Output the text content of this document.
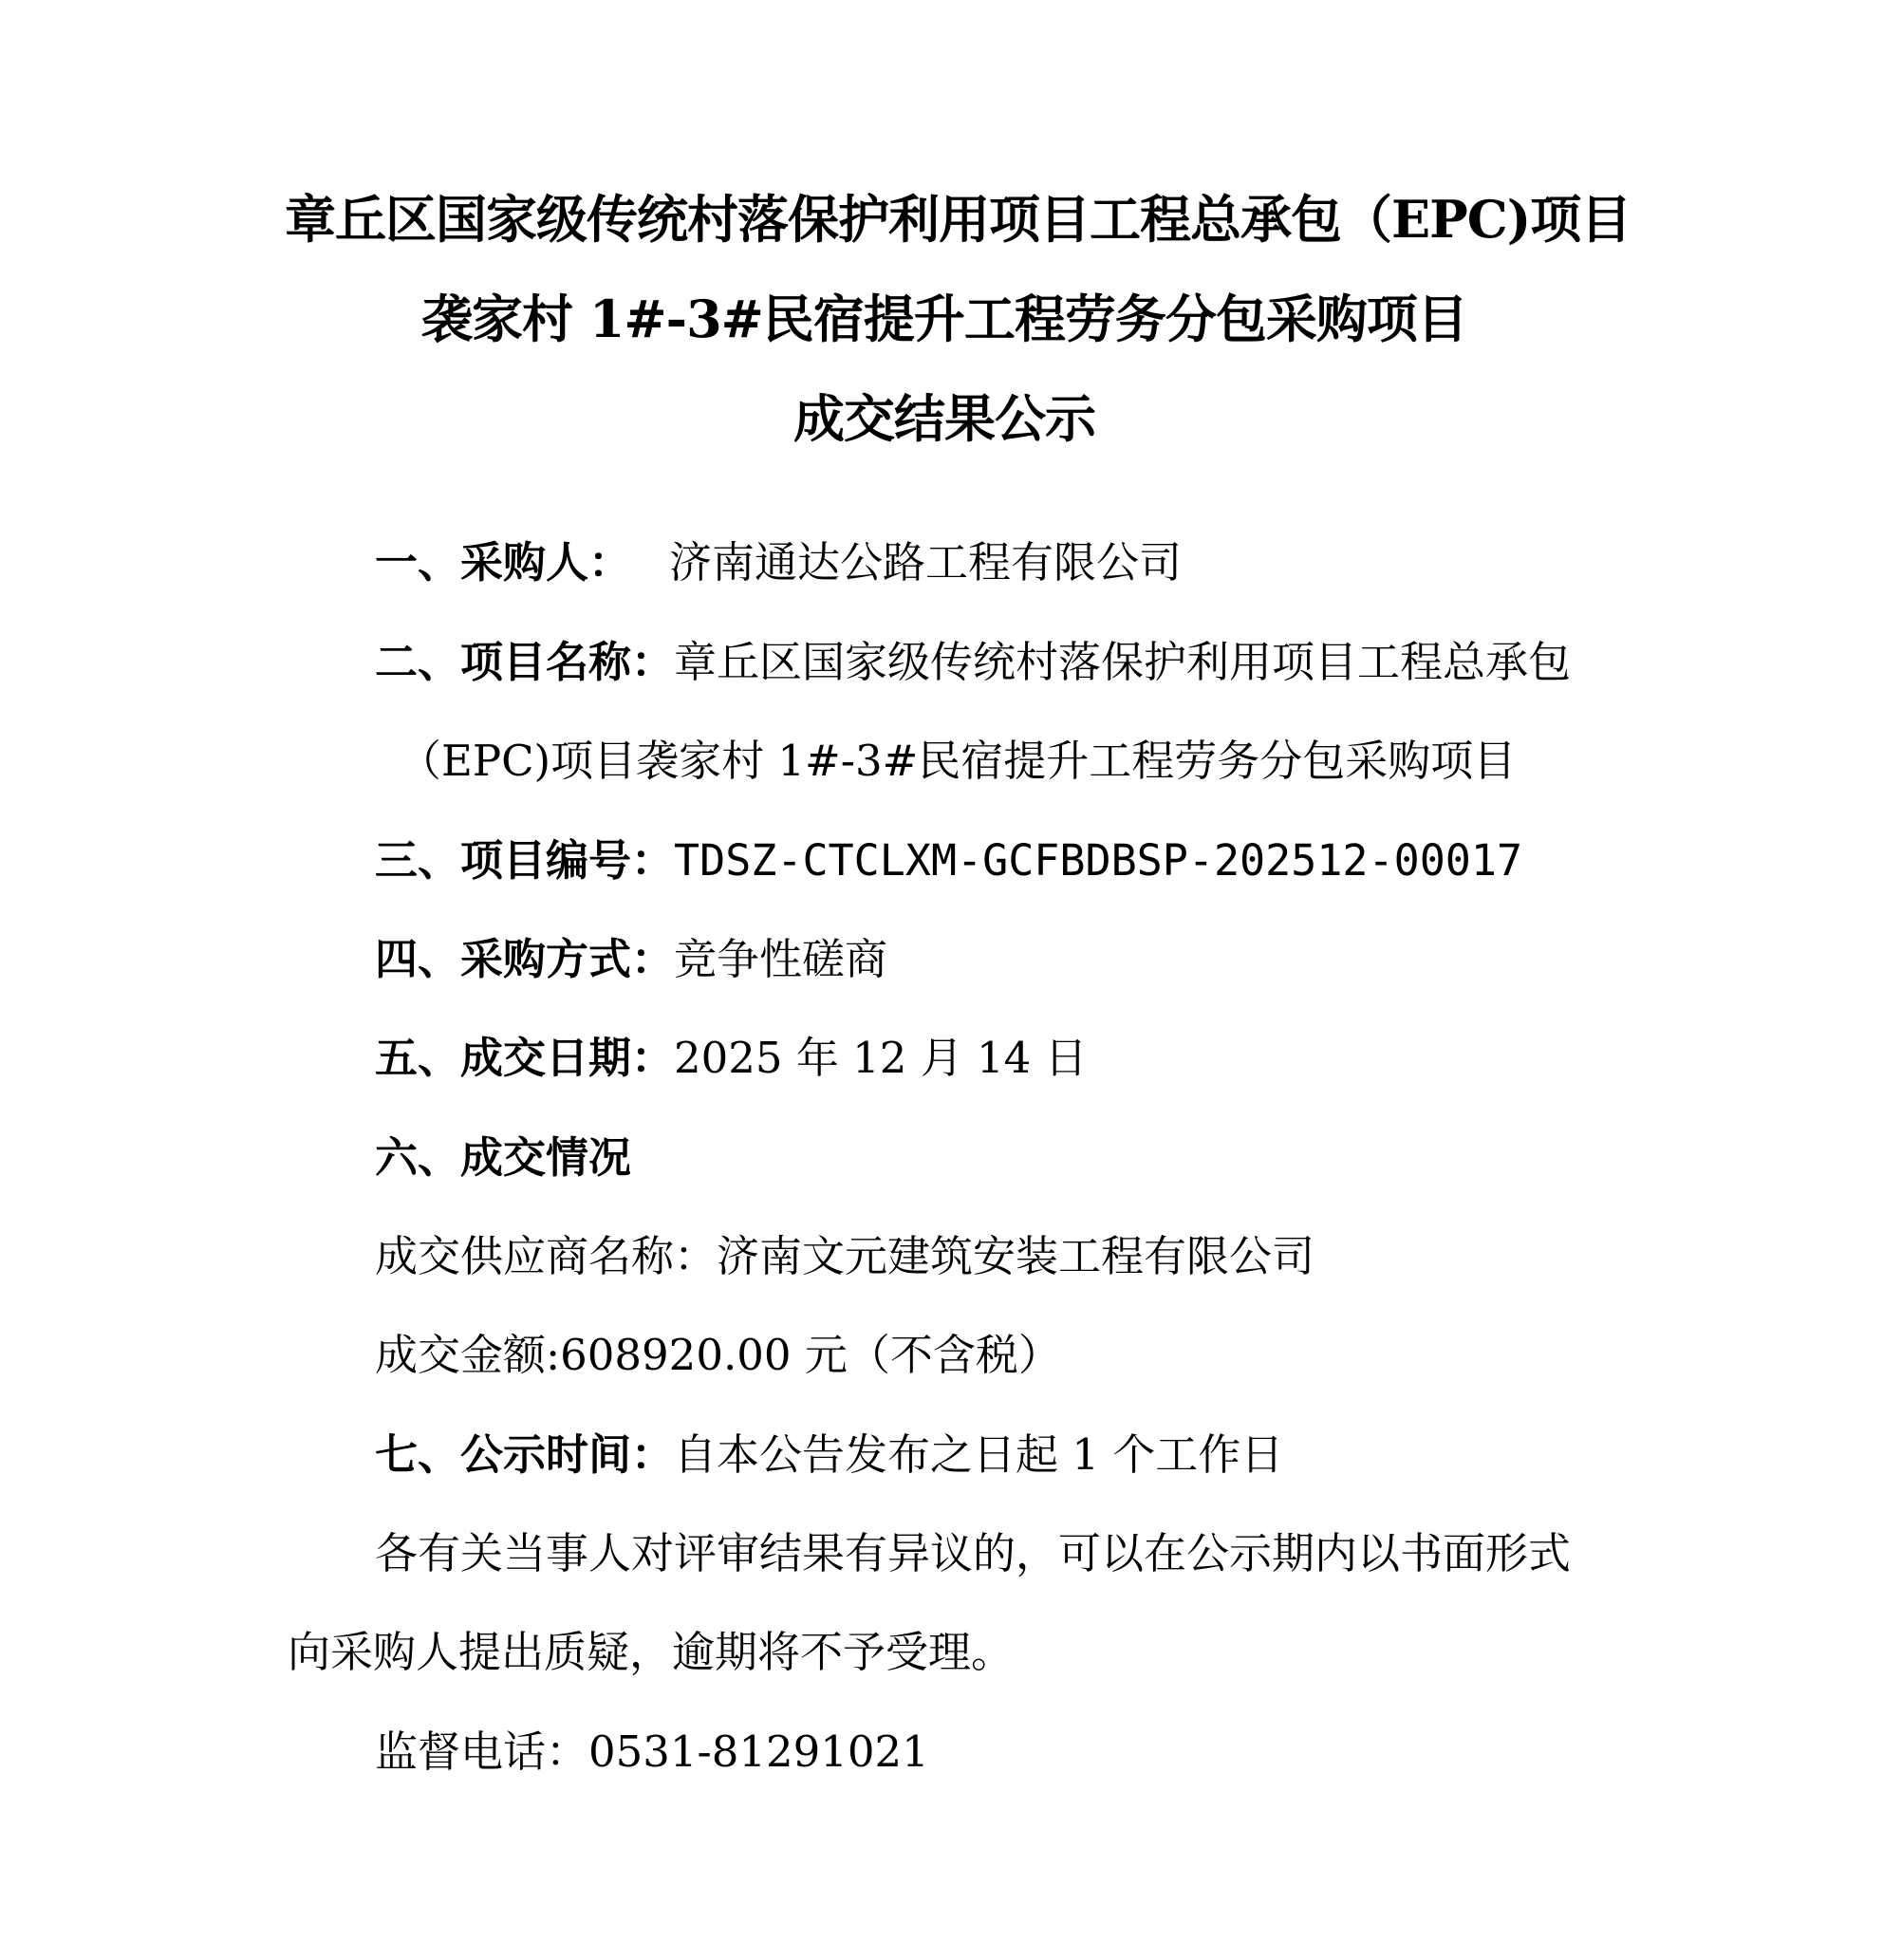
章丘区国家级传统村落保护利用项目工程总承包（EPC)项目
袭家村 1#-3#民宿提升工程劳务分包采购项目
成交结果公示
一、采购人： 济南通达公路工程有限公司
二、项目名称：章丘区国家级传统村落保护利用项目工程总承包
（EPC)项目袭家村 1#-3#民宿提升工程劳务分包采购项目
三、项目编号：TDSZ-CTCLXM-GCFBDBSP-202512-00017
四、采购方式：竞争性磋商
五、成交日期：2025 年 12 月 14 日
六、成交情况
成交供应商名称：济南文元建筑安装工程有限公司
成交金额:608920.00 元（不含税）
七、公示时间：自本公告发布之日起 1 个工作日
各有关当事人对评审结果有异议的，可以在公示期内以书面形式
向采购人提出质疑，逾期将不予受理。
监督电话：0531-81291021
